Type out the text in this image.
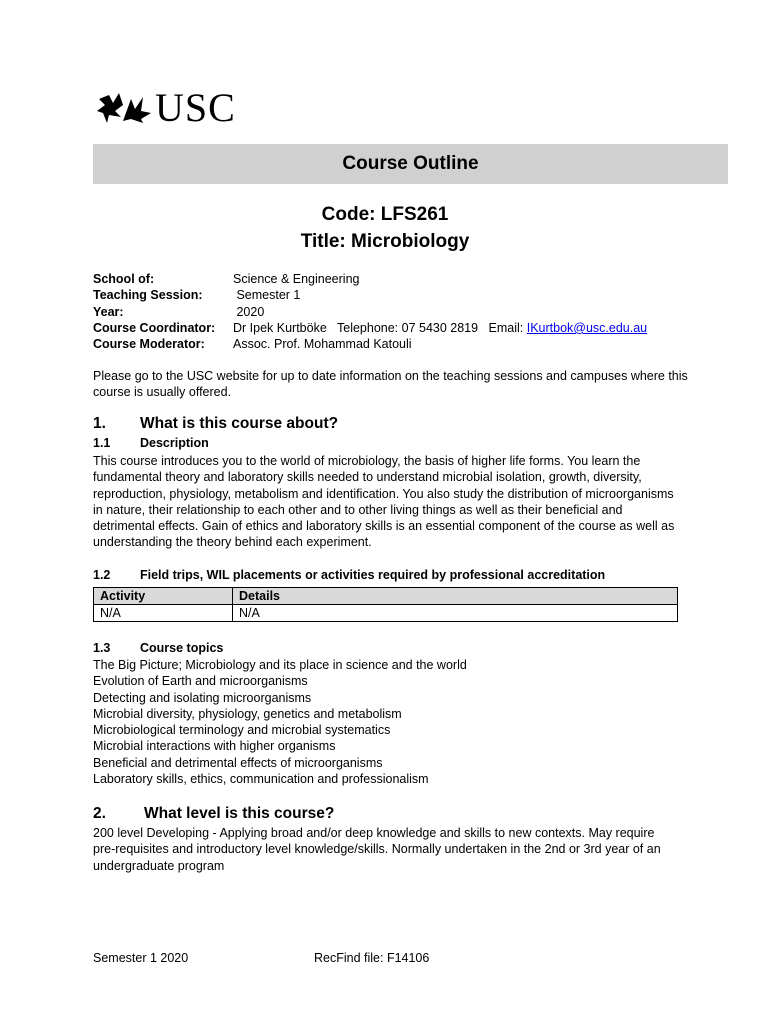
USC
Course Outline
Code: LFS261
Title: Microbiology
School of:	Science & Engineering
Teaching Session:	Semester 1
Year:	2020
Course Coordinator:	Dr Ipek Kurtböke   Telephone: 07 5430 2819   Email: IKurtbok@usc.edu.au
Course Moderator:	Assoc. Prof. Mohammad Katouli
Please go to the USC website for up to date information on the teaching sessions and campuses where this course is usually offered.
1.	What is this course about?
1.1	Description
This course introduces you to the world of microbiology, the basis of higher life forms. You learn the fundamental theory and laboratory skills needed to understand microbial isolation, growth, diversity, reproduction, physiology, metabolism and identification. You also study the distribution of microorganisms in nature, their relationship to each other and to other living things as well as their beneficial and detrimental effects. Gain of ethics and laboratory skills is an essential component of the course as well as understanding the theory behind each experiment.
1.2	Field trips, WIL placements or activities required by professional accreditation
Activity	Details
N/A	N/A
1.3	Course topics
The Big Picture; Microbiology and its place in science and the world
Evolution of Earth and microorganisms
Detecting and isolating microorganisms
Microbial diversity, physiology, genetics and metabolism
Microbiological terminology and microbial systematics
Microbial interactions with higher organisms
Beneficial and detrimental effects of microorganisms
Laboratory skills, ethics, communication and professionalism
2.	What level is this course?
200 level Developing - Applying broad and/or deep knowledge and skills to new contexts. May require pre-requisites and introductory level knowledge/skills. Normally undertaken in the 2nd or 3rd year of an undergraduate program
Semester 1 2020	RecFind file: F14106
